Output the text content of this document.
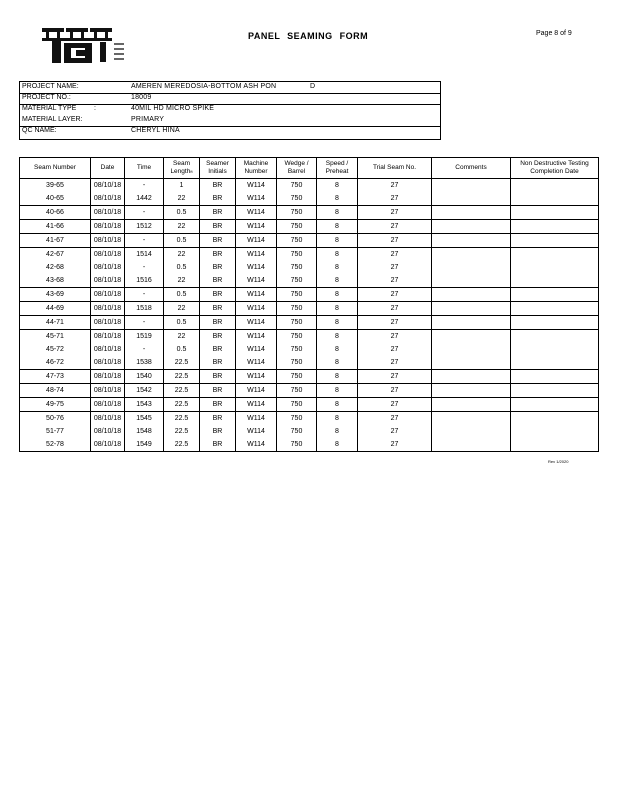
PANEL SEAMING FORM	Page 8 of 9
PROJECT NAME:	AMEREN MEREDOSIA-BOTTOM ASH PON	D
PROJECT NO.:	18009
MATERIAL TYPE	:	40MIL HD MICRO SPIKE
MATERIAL LAYER:	PRIMARY
QC NAME:	CHERYL HINA
Seam Number	Date	Time	Seam Lengthft	Seamer Initials	Machine Number	Wedge / Barrel	Speed / Preheat	Trial Seam No.	Comments	Non Destructive Testing Completion Date
39-65	08/10/18	-	1	BR	W114	750	8	27		
40-65	08/10/18	1442	22	BR	W114	750	8	27		
40-66	08/10/18	-	0.5	BR	W114	750	8	27		
41-66	08/10/18	1512	22	BR	W114	750	8	27		
41-67	08/10/18	-	0.5	BR	W114	750	8	27		
42-67	08/10/18	1514	22	BR	W114	750	8	27		
42-68	08/10/18	-	0.5	BR	W114	750	8	27		
43-68	08/10/18	1516	22	BR	W114	750	8	27		
43-69	08/10/18	-	0.5	BR	W114	750	8	27		
44-69	08/10/18	1518	22	BR	W114	750	8	27		
44-71	08/10/18	-	0.5	BR	W114	750	8	27		
45-71	08/10/18	1519	22	BR	W114	750	8	27		
45-72	08/10/18	-	0.5	BR	W114	750	8	27		
46-72	08/10/18	1538	22.5	BR	W114	750	8	27		
47-73	08/10/18	1540	22.5	BR	W114	750	8	27		
48-74	08/10/18	1542	22.5	BR	W114	750	8	27		
49-75	08/10/18	1543	22.5	BR	W114	750	8	27		
50-76	08/10/18	1545	22.5	BR	W114	750	8	27		
51-77	08/10/18	1548	22.5	BR	W114	750	8	27		
52-78	08/10/18	1549	22.5	BR	W114	750	8	27		
Rev 1/2020
